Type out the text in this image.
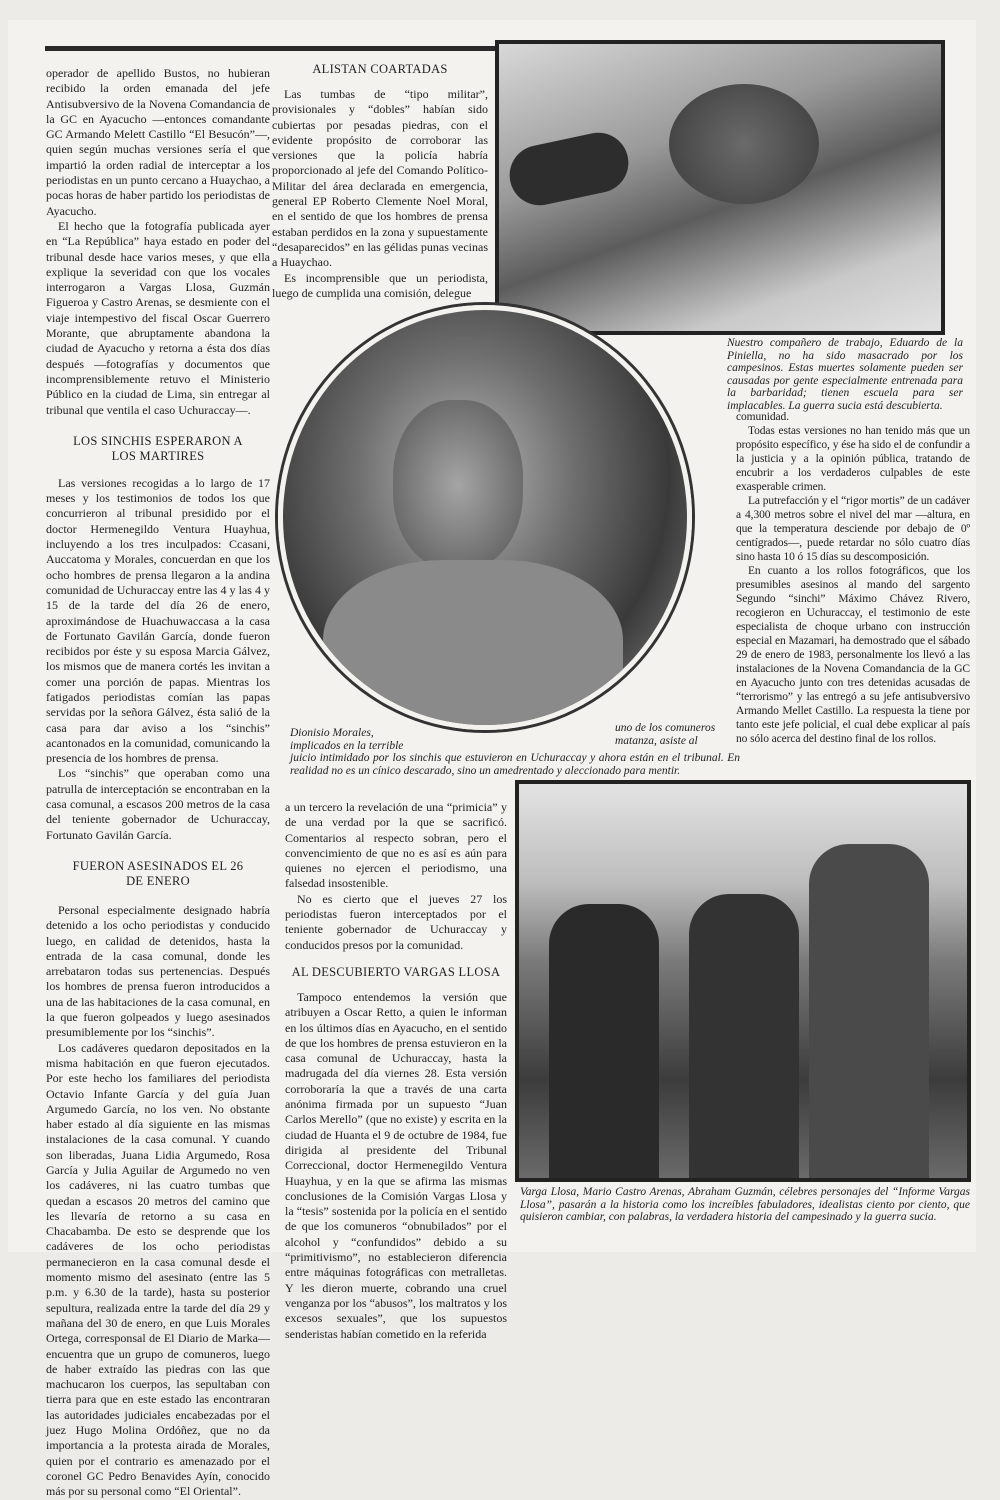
operador de apellido Bustos, no hubieran recibido la orden emanada del jefe Antisubversivo de la Novena Comandancia de la GC en Ayacucho —entonces comandante GC Armando Melett Castillo “El Besucón”—, quien según muchas versiones sería el que impartió la orden radial de interceptar a los periodistas en un punto cercano a Huaychao, a pocas horas de haber partido los periodistas de Ayacucho.

El hecho que la fotografía publicada ayer en “La República” haya estado en poder del tribunal desde hace varios meses, y que ella explique la severidad con que los vocales interrogaron a Vargas Llosa, Guzmán Figueroa y Castro Arenas, se desmiente con el viaje intempestivo del fiscal Oscar Guerrero Morante, que abruptamente abandona la ciudad de Ayacucho y retorna a ésta dos días después —fotografías y documentos que incomprensiblemente retuvo el Ministerio Público en la ciudad de Lima, sin entregar al tribunal que ventila el caso Uchuraccay—.

LOS SINCHIS ESPERARON A LOS MARTIRES

Las versiones recogidas a lo largo de 17 meses y los testimonios de todos los que concurrieron al tribunal presidido por el doctor Hermenegildo Ventura Huayhua, incluyendo a los tres inculpados: Ccasani, Auccatoma y Morales, concuerdan en que los ocho hombres de prensa llegaron a la andina comunidad de Uchuraccay entre las 4 y las 4 y 15 de la tarde del día 26 de enero, aproximándose de Huachuwaccasa a la casa de Fortunato Gavilán García, donde fueron recibidos por éste y su esposa Marcia Gálvez, los mismos que de manera cortés les invitan a comer una porción de papas. Mientras los fatigados periodistas comían las papas servidas por la señora Gálvez, ésta salió de la casa para dar aviso a los “sinchis” acantonados en la comunidad, comunicando la presencia de los hombres de prensa.

Los “sinchis” que operaban como una patrulla de interceptación se encontraban en la casa comunal, a escasos 200 metros de la casa del teniente gobernador de Uchuraccay, Fortunato Gavilán García.

FUERON ASESINADOS EL 26 DE ENERO

Personal especialmente designado habría detenido a los ocho periodistas y conducido luego, en calidad de detenidos, hasta la entrada de la casa comunal, donde les arrebataron todas sus pertenencias. Después los hombres de prensa fueron introducidos a una de las habitaciones de la casa comunal, en la que fueron golpeados y luego asesinados presumiblemente por los “sinchis”.

Los cadáveres quedaron depositados en la misma habitación en que fueron ejecutados. Por este hecho los familiares del periodista Octavio Infante García y del guía Juan Argumedo García, no los ven. No obstante haber estado al día siguiente en las mismas instalaciones de la casa comunal. Y cuando son liberadas, Juana Lidia Argumedo, Rosa García y Julia Aguilar de Argumedo no ven los cadáveres, ni las cuatro tumbas que quedan a escasos 20 metros del camino que les llevaría de retorno a su casa en Chacabamba. De esto se desprende que los cadáveres de los ocho periodistas permanecieron en la casa comunal desde el momento mismo del asesinato (entre las 5 p.m. y 6.30 de la tarde), hasta su posterior sepultura, realizada entre la tarde del día 29 y mañana del 30 de enero, en que Luis Morales Ortega, corresponsal de El Diario de Marka— encuentra que un grupo de comuneros, luego de haber extraído las piedras con las que machucaron los cuerpos, las sepultaban con tierra para que en este estado las encontraran las autoridades judiciales encabezadas por el juez Hugo Molina Ordóñez, que no da importancia a la protesta airada de Morales, quien por el contrario es amenazado por el coronel GC Pedro Benavides Ayín, conocido más por su personal como “El Oriental”.

ALISTAN COARTADAS

Las tumbas de “tipo militar”, provisionales y “dobles” habían sido cubiertas por pesadas piedras, con el evidente propósito de corroborar las versiones que la policía habría proporcionado al jefe del Comando Político-Militar del área declarada en emergencia, general EP Roberto Clemente Noel Moral, en el sentido de que los hombres de prensa estaban perdidos en la zona y supuestamente “desaparecidos” en las gélidas punas vecinas a Huaychao.

Es incomprensible que un periodista, luego de cumplida una comisión, delegue

Nuestro compañero de trabajo, Eduardo de la Piniella, no ha sido masacrado por los campesinos. Estas muertes solamente pueden ser causadas por gente especialmente entrenada para la barbaridad; tienen escuela para ser implacables. La guerra sucia está descubierta.
Dionisio Morales,
implicados en la terrible
uno de los comuneros
matanza, asiste al
juicio intimidado por los sinchis que estuvieron en Uchuraccay y ahora están en el tribunal. En realidad no es un cínico descarado, sino un amedrentado y aleccionado para mentir.

a un tercero la revelación de una “primicia” y de una verdad por la que se sacrificó. Comentarios al respecto sobran, pero el convencimiento de que no es así es aún para quienes no ejercen el periodismo, una falsedad insostenible.

No es cierto que el jueves 27 los periodistas fueron interceptados por el teniente gobernador de Uchuraccay y conducidos presos por la comunidad.

AL DESCUBIERTO VARGAS LLOSA

Tampoco entendemos la versión que atribuyen a Oscar Retto, a quien le informan en los últimos días en Ayacucho, en el sentido de que los hombres de prensa estuvieron en la casa comunal de Uchuraccay, hasta la madrugada del día viernes 28. Esta versión corroboraría la que a través de una carta anónima firmada por un supuesto “Juan Carlos Merello” (que no existe) y escrita en la ciudad de Huanta el 9 de octubre de 1984, fue dirigida al presidente del Tribunal Correccional, doctor Hermenegildo Ventura Huayhua, y en la que se afirma las mismas conclusiones de la Comisión Vargas Llosa y la “tesis” sostenida por la policía en el sentido de que los comuneros “obnubilados” por el alcohol y “confundidos” debido a su “primitivismo”, no establecieron diferencia entre máquinas fotográficas con metralletas. Y les dieron muerte, cobrando una cruel venganza por los “abusos”, los maltratos y los excesos sexuales”, que los supuestos senderistas habían cometido en la referida

comunidad.

Todas estas versiones no han tenido más que un propósito específico, y ése ha sido el de confundir a la justicia y a la opinión pública, tratando de encubrir a los verdaderos culpables de este exasperable crimen.

La putrefacción y el “rigor mortis” de un cadáver a 4,300 metros sobre el nivel del mar —altura, en que la temperatura desciende por debajo de 0º centígrados—, puede retardar no sólo cuatro días sino hasta 10 ó 15 días su descomposición.

En cuanto a los rollos fotográficos, que los presumibles asesinos al mando del sargento Segundo “sinchi” Máximo Chávez Rivero, recogieron en Uchuraccay, el testimonio de este especialista de choque urbano con instrucción especial en Mazamari, ha demostrado que el sábado 29 de enero de 1983, personalmente los llevó a las instalaciones de la Novena Comandancia de la GC en Ayacucho junto con tres detenidas acusadas de “terrorismo” y las entregó a su jefe antisubversivo Armando Mellet Castillo. La respuesta la tiene por tanto este jefe policial, el cual debe explicar al país no sólo acerca del destino final de los rollos.

Varga Llosa, Mario Castro Arenas, Abraham Guzmán, célebres personajes del “Informe Vargas Llosa”, pasarán a la historia como los increíbles fabuladores, idealistas ciento por ciento, que quisieron cambiar, con palabras, la verdadera historia del campesinado y la guerra sucia.
